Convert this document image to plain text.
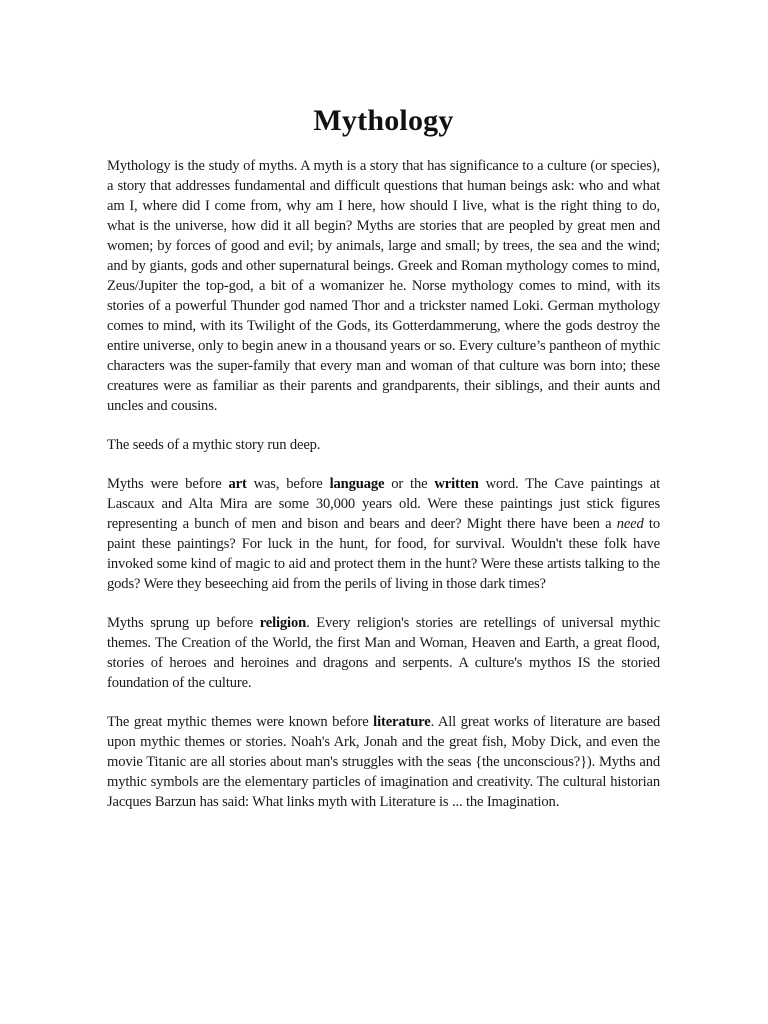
Mythology

Mythology is the study of myths. A myth is a story that has significance to a culture (or species), a story that addresses fundamental and difficult questions that human beings ask: who and what am I, where did I come from, why am I here, how should I live, what is the right thing to do, what is the universe, how did it all begin? Myths are stories that are peopled by great men and women; by forces of good and evil; by animals, large and small; by trees, the sea and the wind; and by giants, gods and other supernatural beings. Greek and Roman mythology comes to mind, Zeus/Jupiter the top-god, a bit of a womanizer he. Norse mythology comes to mind, with its stories of a powerful Thunder god named Thor and a trickster named Loki. German mythology comes to mind, with its Twilight of the Gods, its Gotterdammerung, where the gods destroy the entire universe, only to begin anew in a thousand years or so. Every culture’s pantheon of mythic characters was the super-family that every man and woman of that culture was born into; these creatures were as familiar as their parents and grandparents, their siblings, and their aunts and uncles and cousins.

The seeds of a mythic story run deep.

Myths were before art was, before language or the written word. The Cave paintings at Lascaux and Alta Mira are some 30,000 years old. Were these paintings just stick figures representing a bunch of men and bison and bears and deer? Might there have been a need to paint these paintings? For luck in the hunt, for food, for survival. Wouldn't these folk have invoked some kind of magic to aid and protect them in the hunt? Were these artists talking to the gods? Were they beseeching aid from the perils of living in those dark times?

Myths sprung up before religion. Every religion's stories are retellings of universal mythic themes. The Creation of the World, the first Man and Woman, Heaven and Earth, a great flood, stories of heroes and heroines and dragons and serpents. A culture's mythos IS the storied foundation of the culture.

The great mythic themes were known before literature. All great works of literature are based upon mythic themes or stories. Noah's Ark, Jonah and the great fish, Moby Dick, and even the movie Titanic are all stories about man's struggles with the seas {the unconscious?}). Myths and mythic symbols are the elementary particles of imagination and creativity. The cultural historian Jacques Barzun has said: What links myth with Literature is ... the Imagination.
